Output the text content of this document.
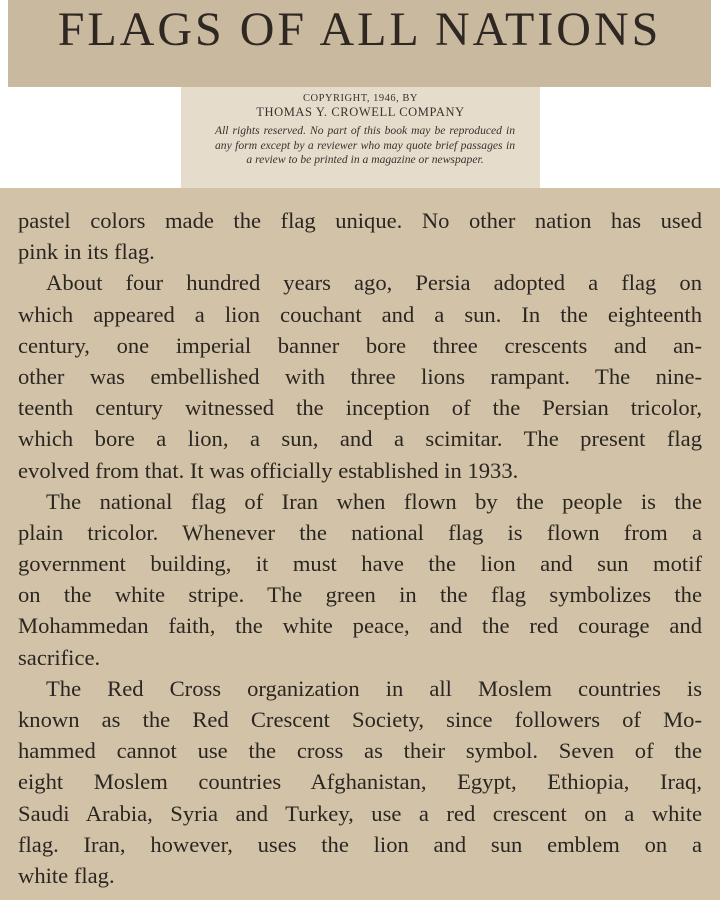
FLAGS OF ALL NATIONS
COPYRIGHT, 1946, BY
THOMAS Y. CROWELL COMPANY
All rights reserved. No part of this book may be reproduced in any form except by a reviewer who may quote brief passages in a review to be printed in a magazine or newspaper.
pastel colors made the flag unique. No other nation has used
pink in its flag.
About four hundred years ago, Persia adopted a flag on
which appeared a lion couchant and a sun. In the eighteenth
century, one imperial banner bore three crescents and an-
other was embellished with three lions rampant. The nine-
teenth century witnessed the inception of the Persian tricolor,
which bore a lion, a sun, and a scimitar. The present flag
evolved from that. It was officially established in 1933.
The national flag of Iran when flown by the people is the
plain tricolor. Whenever the national flag is flown from a
government building, it must have the lion and sun motif
on the white stripe. The green in the flag symbolizes the
Mohammedan faith, the white peace, and the red courage and
sacrifice.
The Red Cross organization in all Moslem countries is
known as the Red Crescent Society, since followers of Mo-
hammed cannot use the cross as their symbol. Seven of the
eight Moslem countries Afghanistan, Egypt, Ethiopia, Iraq,
Saudi Arabia, Syria and Turkey, use a red crescent on a white
flag. Iran, however, uses the lion and sun emblem on a
white flag.
